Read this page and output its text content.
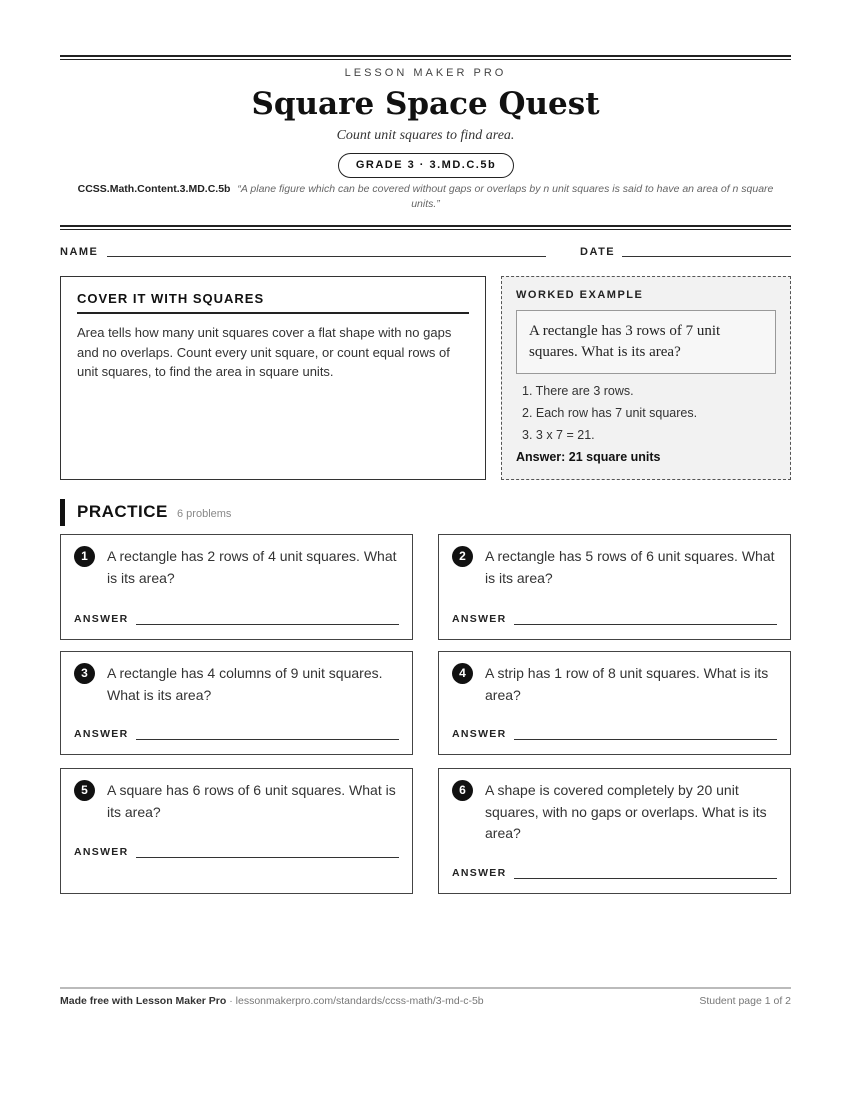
LESSON MAKER PRO
Square Space Quest
Count unit squares to find area.
GRADE 3 · 3.MD.C.5b
CCSS.Math.Content.3.MD.C.5b “A plane figure which can be covered without gaps or overlaps by n unit squares is said to have an area of n square units.”
NAME	DATE
COVER IT WITH SQUARES
Area tells how many unit squares cover a flat shape with no gaps and no overlaps. Count every unit square, or count equal rows of unit squares, to find the area in square units.
WORKED EXAMPLE
A rectangle has 3 rows of 7 unit squares. What is its area?
1. There are 3 rows.
2. Each row has 7 unit squares.
3. 3 x 7 = 21.
Answer: 21 square units
PRACTICE 6 problems
1	A rectangle has 2 rows of 4 unit squares. What is its area?
ANSWER
2	A rectangle has 5 rows of 6 unit squares. What is its area?
ANSWER
3	A rectangle has 4 columns of 9 unit squares. What is its area?
ANSWER
4	A strip has 1 row of 8 unit squares. What is its area?
ANSWER
5	A square has 6 rows of 6 unit squares. What is its area?
ANSWER
6	A shape is covered completely by 20 unit squares, with no gaps or overlaps. What is its area?
ANSWER
Made free with Lesson Maker Pro · lessonmakerpro.com/standards/ccss-math/3-md-c-5b	Student page 1 of 2
